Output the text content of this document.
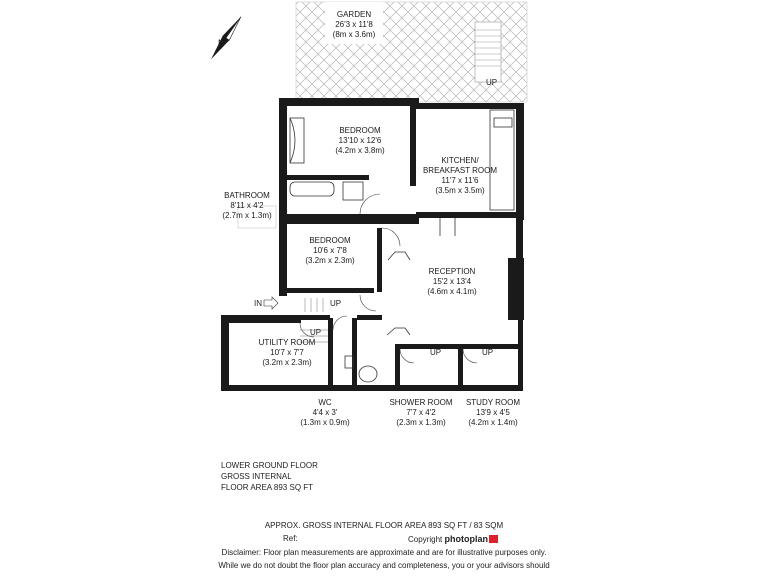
N
GARDEN
26'3 x 11'8
(8m x 3.6m)
BEDROOM
13'10 x 12'6
(4.2m x 3.8m)
KITCHEN/
BREAKFAST ROOM
11'7 x 11'6
(3.5m x 3.5m)
BATHROOM
8'11 x 4'2
(2.7m x 1.3m)
BEDROOM
10'6 x 7'8
(3.2m x 2.3m)
RECEPTION
15'2 x 13'4
(4.6m x 4.1m)
UTILITY ROOM
10'7 x 7'7
(3.2m x 2.3m)
WC
4'4 x 3'
(1.3m x 0.9m)
SHOWER ROOM
7'7 x 4'2
(2.3m x 1.3m)
STUDY ROOM
13'9 x 4'5
(4.2m x 1.4m)
UP
UP
UP
UP	UP
IN
LOWER GROUND FLOOR
GROSS INTERNAL
FLOOR AREA 893 SQ FT
APPROX. GROSS INTERNAL FLOOR AREA 893 SQ FT / 83 SQM
Ref:	Copyright photoplan
Disclaimer: Floor plan measurements are approximate and are for illustrative purposes only.
While we do not doubt the floor plan accuracy and completeness, you or your advisors should
